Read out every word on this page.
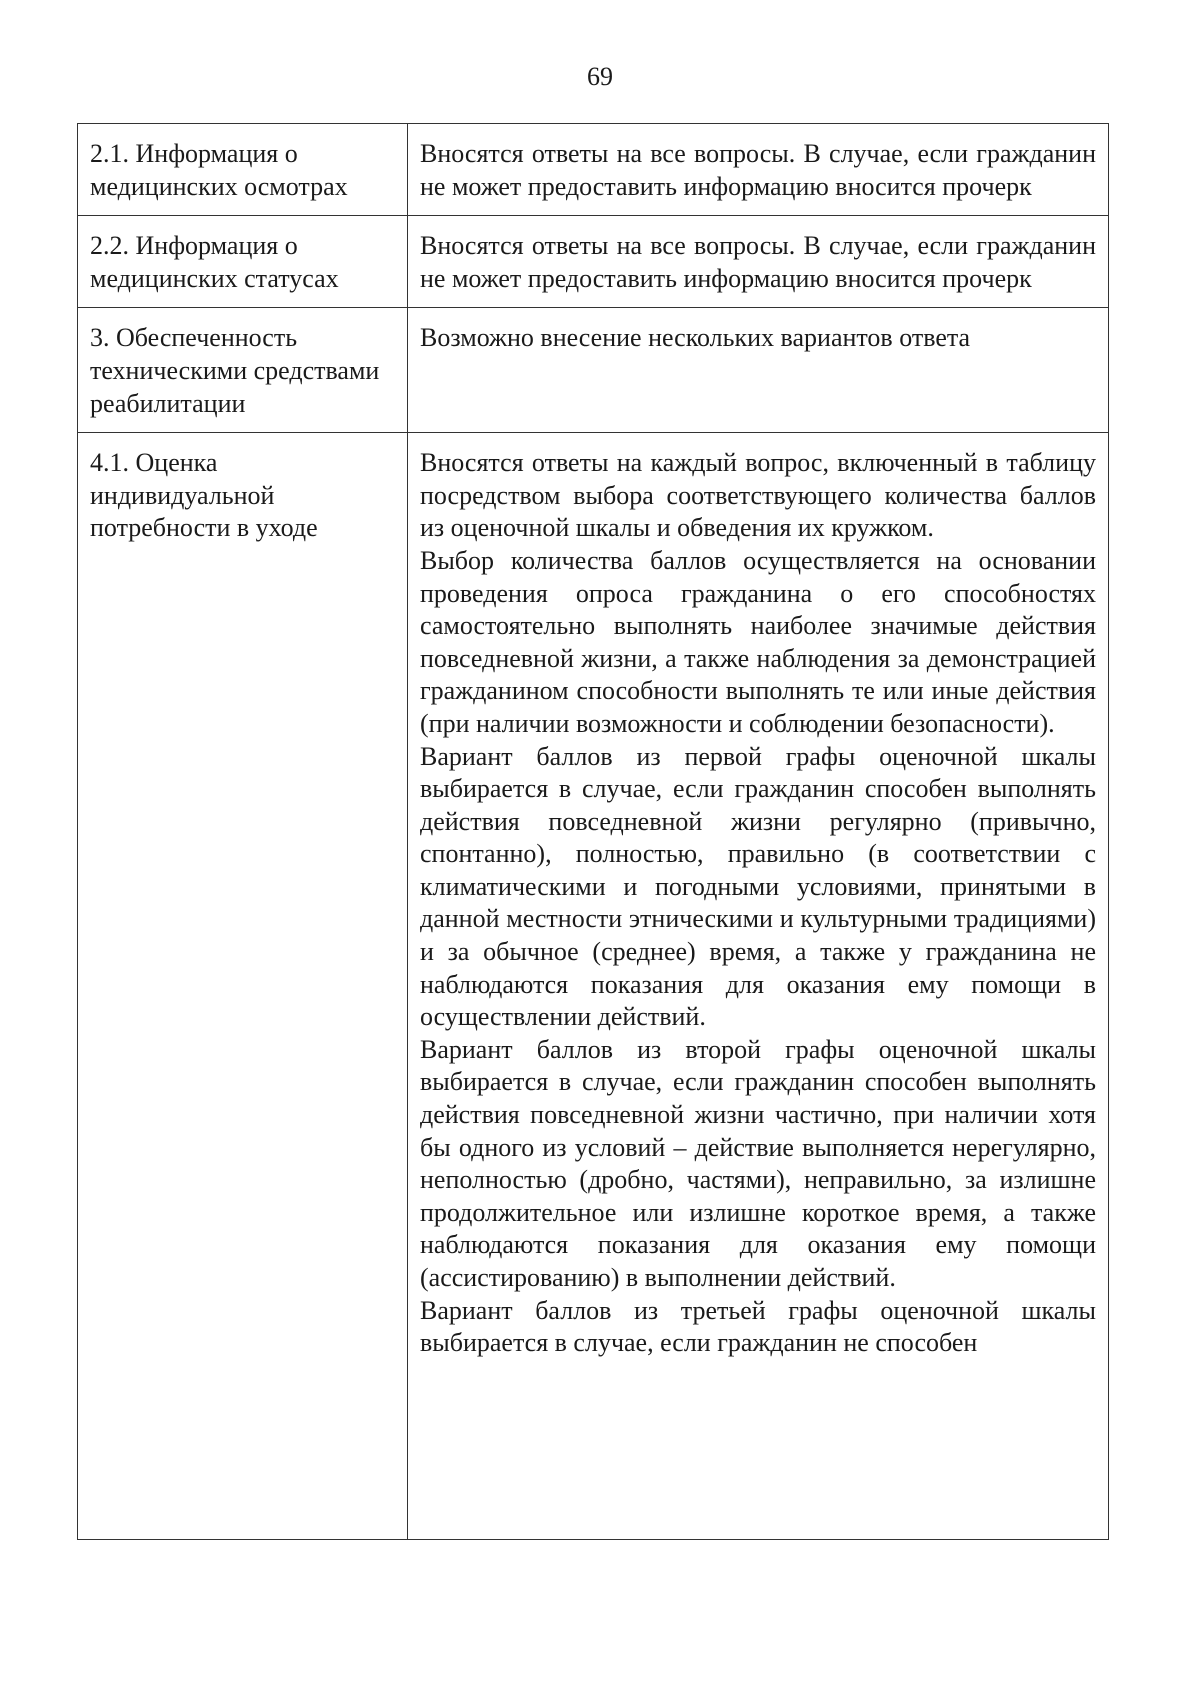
69
2.1. Информация о медицинских осмотрах	Вносятся ответы на все вопросы. В случае, если гражданин не может предоставить информацию вносится прочерк

2.2. Информация о медицинских статусах	Вносятся ответы на все вопросы. В случае, если гражданин не может предоставить информацию вносится прочерк

3. Обеспеченность техническими средствами реабилитации	Возможно внесение нескольких вариантов ответа

4.1. Оценка индивидуальной потребности в уходе	Вносятся ответы на каждый вопрос, включенный в таблицу посредством выбора соответствующего количества баллов из оценочной шкалы и обведения их кружком.
Выбор количества баллов осуществляется на основании проведения опроса гражданина о его способностях самостоятельно выполнять наиболее значимые действия повседневной жизни, а также наблюдения за демонстрацией гражданином способности выполнять те или иные действия (при наличии возможности и соблюдении безопасности).
Вариант баллов из первой графы оценочной шкалы выбирается в случае, если гражданин способен выполнять действия повседневной жизни регулярно (привычно, спонтанно), полностью, правильно (в соответствии с климатическими и погодными условиями, принятыми в данной местности этническими и культурными традициями) и за обычное (среднее) время, а также у гражданина не наблюдаются показания для оказания ему помощи в осуществлении действий.
Вариант баллов из второй графы оценочной шкалы выбирается в случае, если гражданин способен выполнять действия повседневной жизни частично, при наличии хотя бы одного из условий – действие выполняется нерегулярно, неполностью (дробно, частями), неправильно, за излишне продолжительное или излишне короткое время, а также наблюдаются показания для оказания ему помощи (ассистированию) в выполнении действий.
Вариант баллов из третьей графы оценочной шкалы выбирается в случае, если гражданин не способен
